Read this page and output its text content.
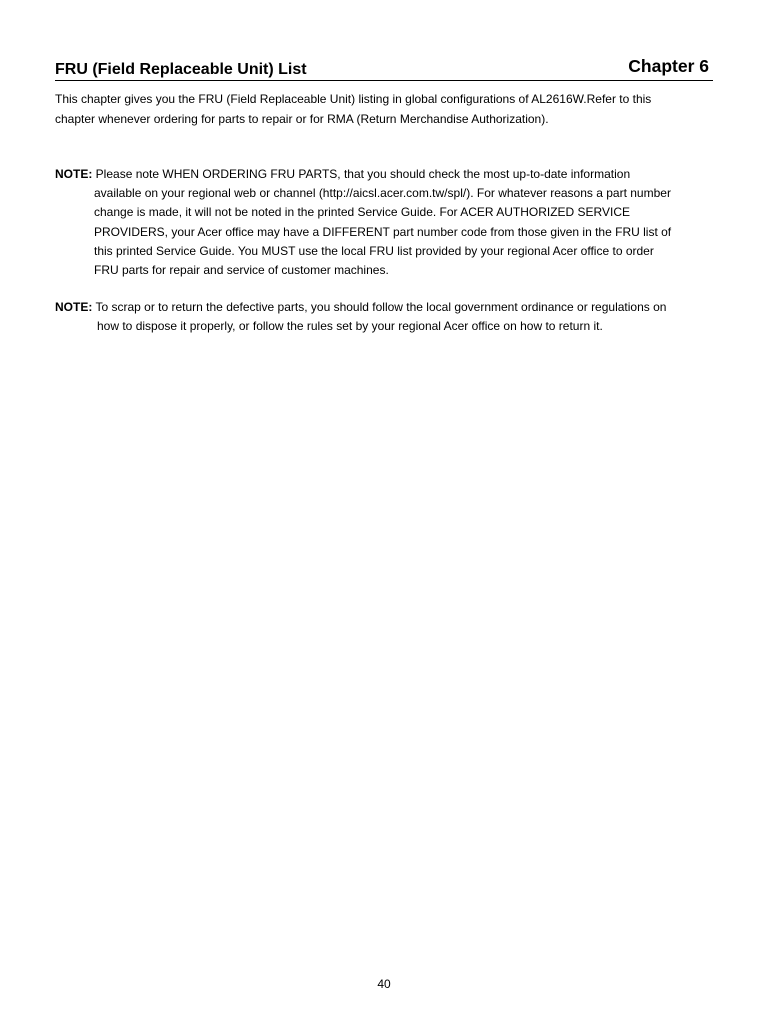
FRU (Field Replaceable Unit) List	Chapter 6

This chapter gives you the FRU (Field Replaceable Unit) listing in global configurations of AL2616W.Refer to this

chapter whenever ordering for parts to repair or for RMA (Return Merchandise Authorization).

NOTE: Please note WHEN ORDERING FRU PARTS, that you should check the most up-to-date information
available on your regional web or channel (http://aicsl.acer.com.tw/spl/). For whatever reasons a part number
change is made, it will not be noted in the printed Service Guide. For ACER AUTHORIZED SERVICE
PROVIDERS, your Acer office may have a DIFFERENT part number code from those given in the FRU list of
this printed Service Guide. You MUST use the local FRU list provided by your regional Acer office to order
FRU parts for repair and service of customer machines.
NOTE: To scrap or to return the defective parts, you should follow the local government ordinance or regulations on
how to dispose it properly, or follow the rules set by your regional Acer office on how to return it.
40
